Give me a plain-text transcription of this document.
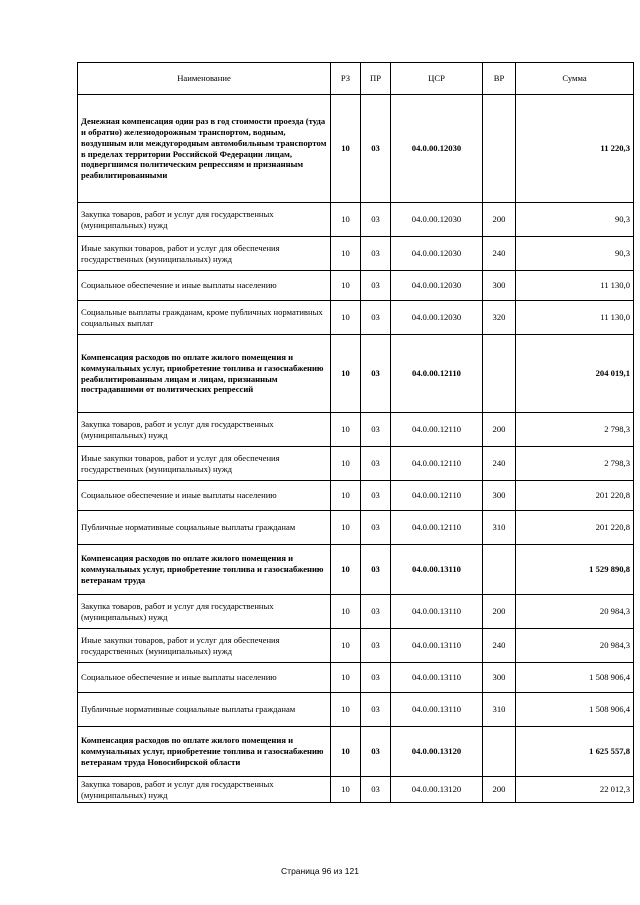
Наименование	РЗ	ПР	ЦСР	ВР	Сумма
Денежная компенсация один раз в год стоимости проезда (туда и обратно) железнодорожным транспортом, водным, воздушным или междугородным автомобильным транспортом в пределах территории Российской Федерации лицам, подвергшимся политическим репрессиям и признанным реабилитированными	10	03	04.0.00.12030		11 220,3
Закупка товаров, работ и услуг для государственных (муниципальных) нужд	10	03	04.0.00.12030	200	90,3
Иные закупки товаров, работ и услуг для обеспечения государственных (муниципальных) нужд	10	03	04.0.00.12030	240	90,3
Социальное обеспечение и иные выплаты населению	10	03	04.0.00.12030	300	11 130,0
Социальные выплаты гражданам, кроме публичных нормативных социальных выплат	10	03	04.0.00.12030	320	11 130,0
Компенсация расходов по оплате жилого помещения и коммунальных услуг, приобретение топлива и газоснабжению реабилитированным лицам и лицам, признанным пострадавшими от политических репрессий	10	03	04.0.00.12110		204 019,1
Закупка товаров, работ и услуг для государственных (муниципальных) нужд	10	03	04.0.00.12110	200	2 798,3
Иные закупки товаров, работ и услуг для обеспечения государственных (муниципальных) нужд	10	03	04.0.00.12110	240	2 798,3
Социальное обеспечение и иные выплаты населению	10	03	04.0.00.12110	300	201 220,8
Публичные нормативные социальные выплаты гражданам	10	03	04.0.00.12110	310	201 220,8
Компенсация расходов по оплате жилого помещения и коммунальных услуг, приобретение топлива и газоснабжению ветеранам труда	10	03	04.0.00.13110		1 529 890,8
Закупка товаров, работ и услуг для государственных (муниципальных) нужд	10	03	04.0.00.13110	200	20 984,3
Иные закупки товаров, работ и услуг для обеспечения государственных (муниципальных) нужд	10	03	04.0.00.13110	240	20 984,3
Социальное обеспечение и иные выплаты населению	10	03	04.0.00.13110	300	1 508 906,4
Публичные нормативные социальные выплаты гражданам	10	03	04.0.00.13110	310	1 508 906,4
Компенсация расходов по оплате жилого помещения и коммунальных услуг, приобретение топлива и газоснабжению ветеранам труда Новосибирской области	10	03	04.0.00.13120		1 625 557,8
Закупка товаров, работ и услуг для государственных (муниципальных) нужд	10	03	04.0.00.13120	200	22 012,3
Страница 96 из 121
